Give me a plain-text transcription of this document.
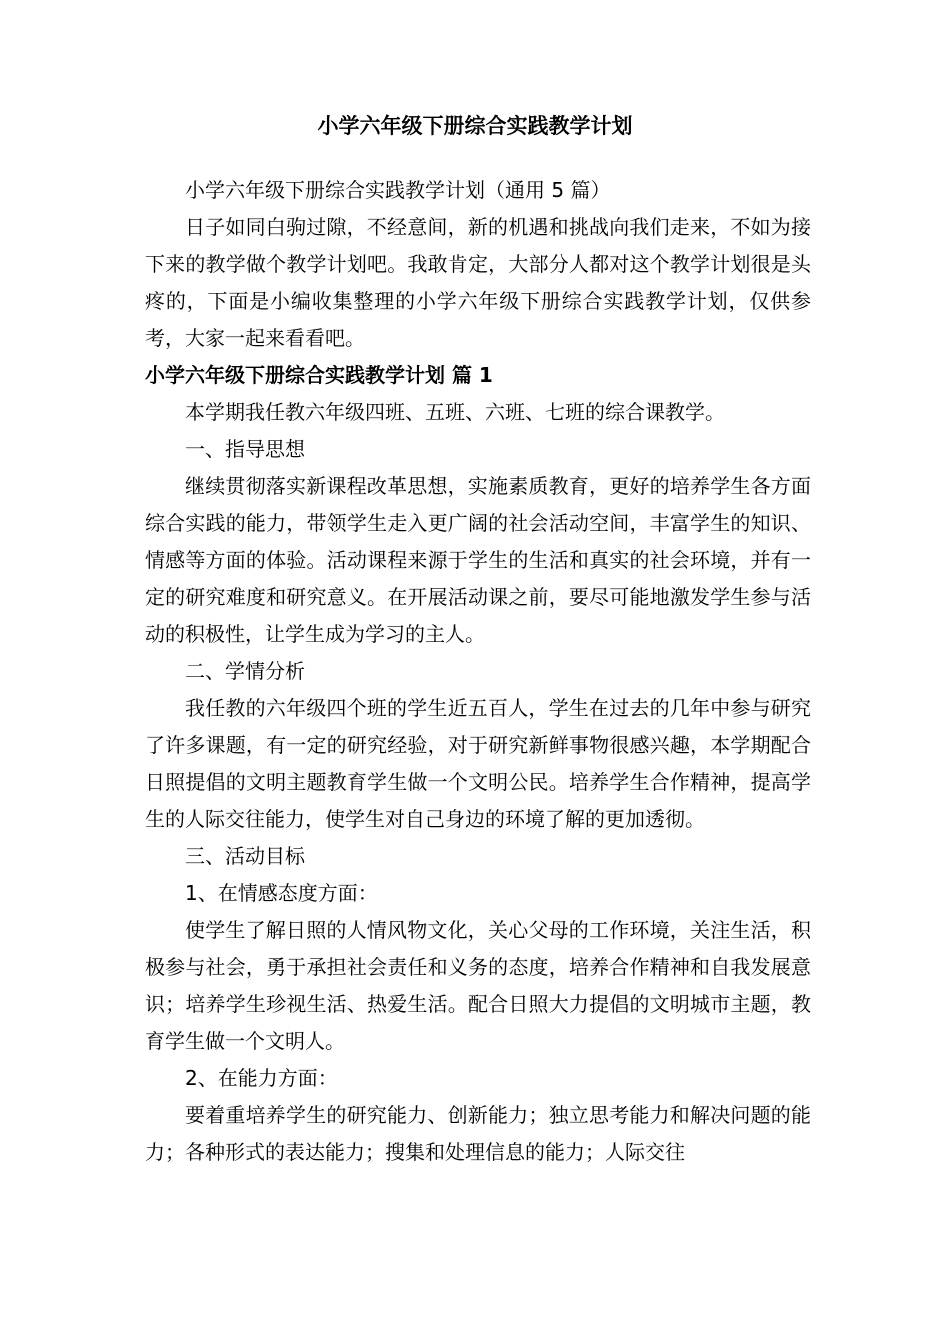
小学六年级下册综合实践教学计划

小学六年级下册综合实践教学计划（通用 5 篇）

日子如同白驹过隙，不经意间，新的机遇和挑战向我们走来，不如为接下来的教学做个教学计划吧。我敢肯定，大部分人都对这个教学计划很是头疼的，下面是小编收集整理的小学六年级下册综合实践教学计划，仅供参考，大家一起来看看吧。

小学六年级下册综合实践教学计划 篇 1

本学期我任教六年级四班、五班、六班、七班的综合课教学。

一、指导思想

继续贯彻落实新课程改革思想，实施素质教育，更好的培养学生各方面综合实践的能力，带领学生走入更广阔的社会活动空间，丰富学生的知识、情感等方面的体验。活动课程来源于学生的生活和真实的社会环境，并有一定的研究难度和研究意义。在开展活动课之前，要尽可能地激发学生参与活动的积极性，让学生成为学习的主人。

二、学情分析

我任教的六年级四个班的学生近五百人，学生在过去的几年中参与研究了许多课题，有一定的研究经验，对于研究新鲜事物很感兴趣，本学期配合日照提倡的文明主题教育学生做一个文明公民。培养学生合作精神，提高学生的人际交往能力，使学生对自己身边的环境了解的更加透彻。

三、活动目标

1、在情感态度方面：

使学生了解日照的人情风物文化，关心父母的工作环境，关注生活，积极参与社会，勇于承担社会责任和义务的态度，培养合作精神和自我发展意识；培养学生珍视生活、热爱生活。配合日照大力提倡的文明城市主题，教育学生做一个文明人。

2、在能力方面：

要着重培养学生的研究能力、创新能力；独立思考能力和解决问题的能力；各种形式的表达能力；搜集和处理信息的能力；人际交往
